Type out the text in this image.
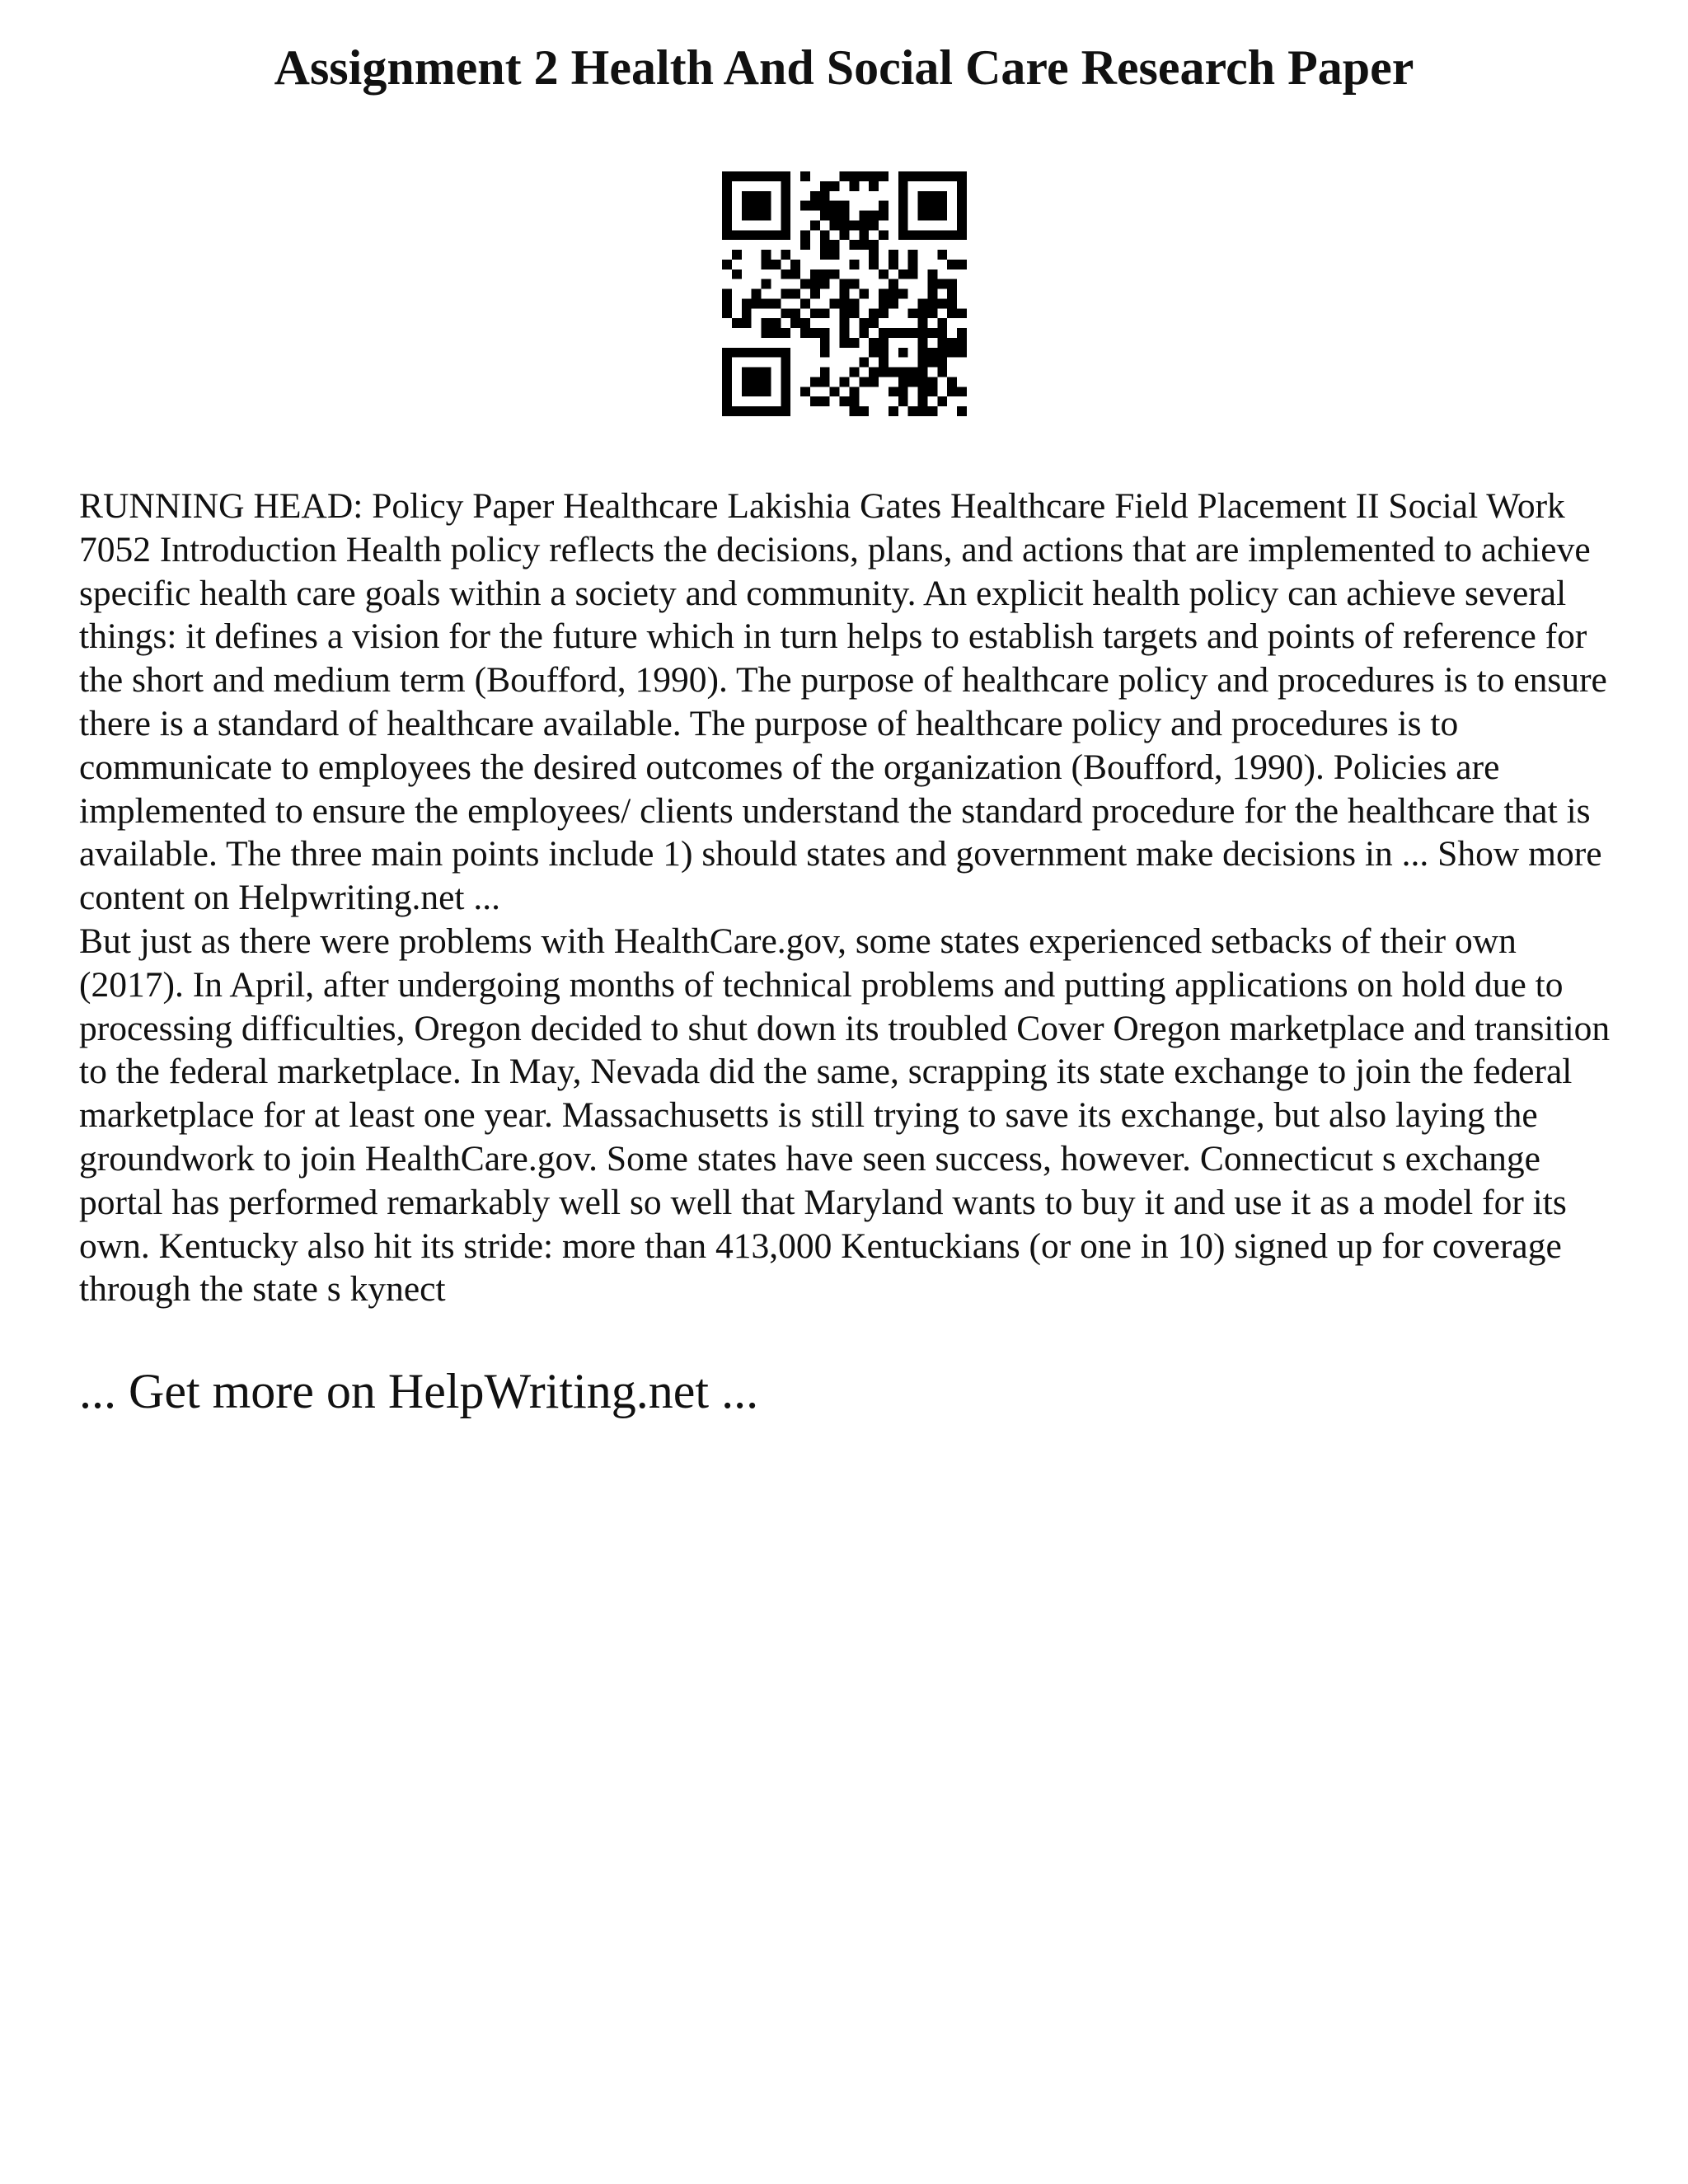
Assignment 2 Health And Social Care Research Paper

RUNNING HEAD: Policy Paper Healthcare Lakishia Gates Healthcare Field Placement II Social Work 7052 Introduction Health policy reflects the decisions, plans, and actions that are implemented to achieve specific health care goals within a society and community. An explicit health policy can achieve several things: it defines a vision for the future which in turn helps to establish targets and points of reference for the short and medium term (Boufford, 1990). The purpose of healthcare policy and procedures is to ensure there is a standard of healthcare available. The purpose of healthcare policy and procedures is to communicate to employees the desired outcomes of the organization (Boufford, 1990). Policies are implemented to ensure the employees/ clients understand the standard procedure for the healthcare that is available. The three main points include 1) should states and government make decisions in ... Show more content on Helpwriting.net ...

But just as there were problems with HealthCare.gov, some states experienced setbacks of their own (2017). In April, after undergoing months of technical problems and putting applications on hold due to processing difficulties, Oregon decided to shut down its troubled Cover Oregon marketplace and transition to the federal marketplace. In May, Nevada did the same, scrapping its state exchange to join the federal marketplace for at least one year. Massachusetts is still trying to save its exchange, but also laying the groundwork to join HealthCare.gov. Some states have seen success, however. Connecticut s exchange portal has performed remarkably well so well that Maryland wants to buy it and use it as a model for its own. Kentucky also hit its stride: more than 413,000 Kentuckians (or one in 10) signed up for coverage through the state s kynect

... Get more on HelpWriting.net ...
